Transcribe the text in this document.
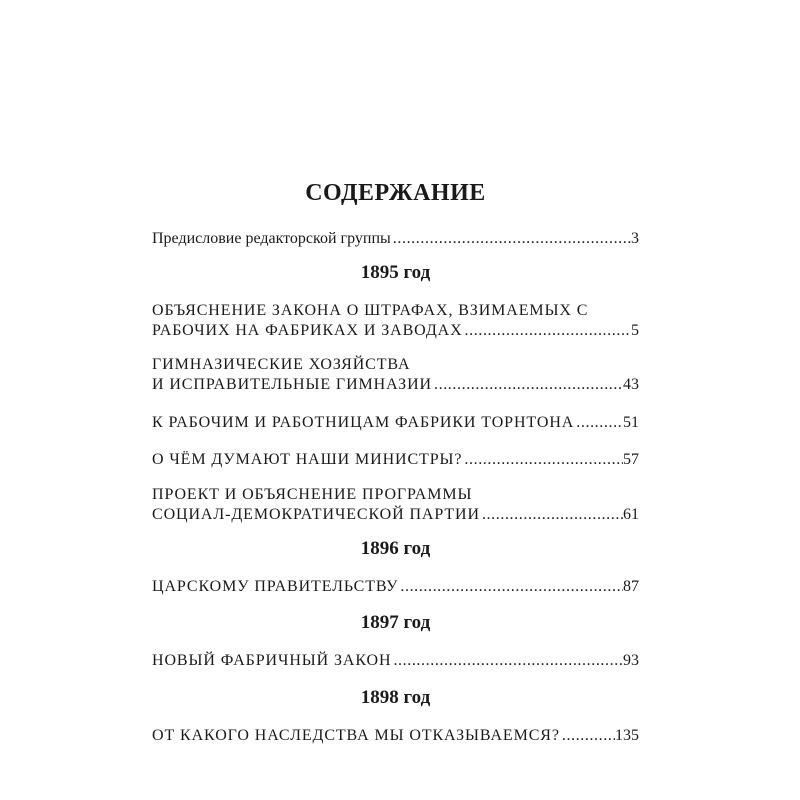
СОДЕРЖАНИЕ
Предисловие редакторской группы .....	3
1895 год
ОБЪЯСНЕНИЕ ЗАКОНА О ШТРАФАХ, ВЗИМАЕМЫХ С
РАБОЧИХ НА ФАБРИКАХ И ЗАВОДАХ .....	5
ГИМНАЗИЧЕСКИЕ ХОЗЯЙСТВА
И ИСПРАВИТЕЛЬНЫЕ ГИМНАЗИИ .....	43
К РАБОЧИМ И РАБОТНИЦАМ ФАБРИКИ ТОРНТОНА .....	51
О ЧЁМ ДУМАЮТ НАШИ МИНИСТРЫ? .....	57
ПРОЕКТ И ОБЪЯСНЕНИЕ ПРОГРАММЫ
СОЦИАЛ-ДЕМОКРАТИЧЕСКОЙ ПАРТИИ .....	61
1896 год
ЦАРСКОМУ ПРАВИТЕЛЬСТВУ .....	87
1897 год
НОВЫЙ ФАБРИЧНЫЙ ЗАКОН .....	93
1898 год
ОТ КАКОГО НАСЛЕДСТВА МЫ ОТКАЗЫВАЕМСЯ? .....	135
